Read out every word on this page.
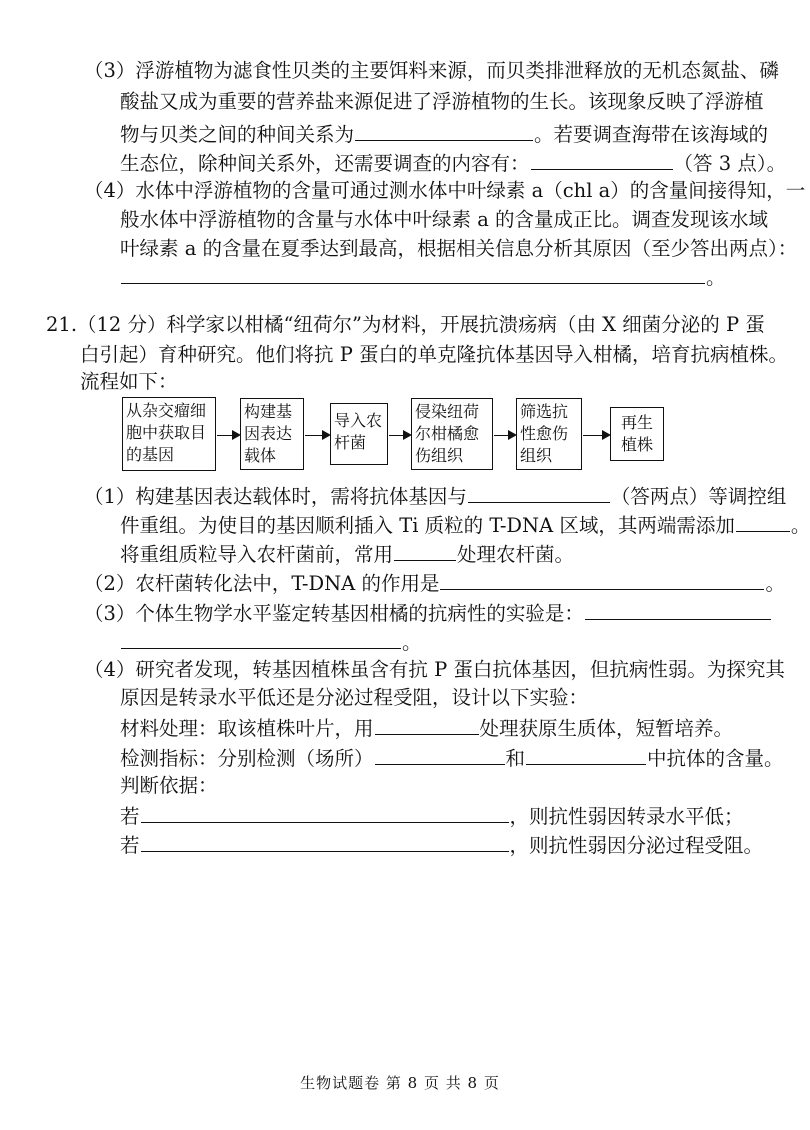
（3）浮游植物为滤食性贝类的主要饵料来源，而贝类排泄释放的无机态氮盐、磷
酸盐又成为重要的营养盐来源促进了浮游植物的生长。该现象反映了浮游植
物与贝类之间的种间关系为	。若要调查海带在该海域的
生态位，除种间关系外，还需要调查的内容有：	（答 3 点）。
（4）水体中浮游植物的含量可通过测水体中叶绿素 a（chl a）的含量间接得知，一
般水体中浮游植物的含量与水体中叶绿素 a 的含量成正比。调查发现该水域
叶绿素 a 的含量在夏季达到最高，根据相关信息分析其原因（至少答出两点）：
。
21.（12 分）科学家以柑橘“纽荷尔”为材料，开展抗溃疡病（由 X 细菌分泌的 P 蛋
白引起）育种研究。他们将抗 P 蛋白的单克隆抗体基因导入柑橘，培育抗病植株。
流程如下：
从杂交瘤细
胞中获取目
的基因
构建基
因表达
载体
导入农
杆菌
侵染纽荷
尔柑橘愈
伤组织
筛选抗
性愈伤
组织
再生
植株
（1）构建基因表达载体时，需将抗体基因与	（答两点）等调控组
件重组。为使目的基因顺利插入 Ti 质粒的 T-DNA 区域，其两端需添加	。
将重组质粒导入农杆菌前，常用	处理农杆菌。
（2）农杆菌转化法中，T-DNA 的作用是	。
（3）个体生物学水平鉴定转基因柑橘的抗病性的实验是：
。
（4）研究者发现，转基因植株虽含有抗 P 蛋白抗体基因，但抗病性弱。为探究其
原因是转录水平低还是分泌过程受阻，设计以下实验：
材料处理：取该植株叶片，用	处理获原生质体，短暂培养。
检测指标：分别检测（场所）	和	中抗体的含量。
判断依据：
若	，则抗性弱因转录水平低；
若	，则抗性弱因分泌过程受阻。
生物试题卷 第 8 页 共 8 页
